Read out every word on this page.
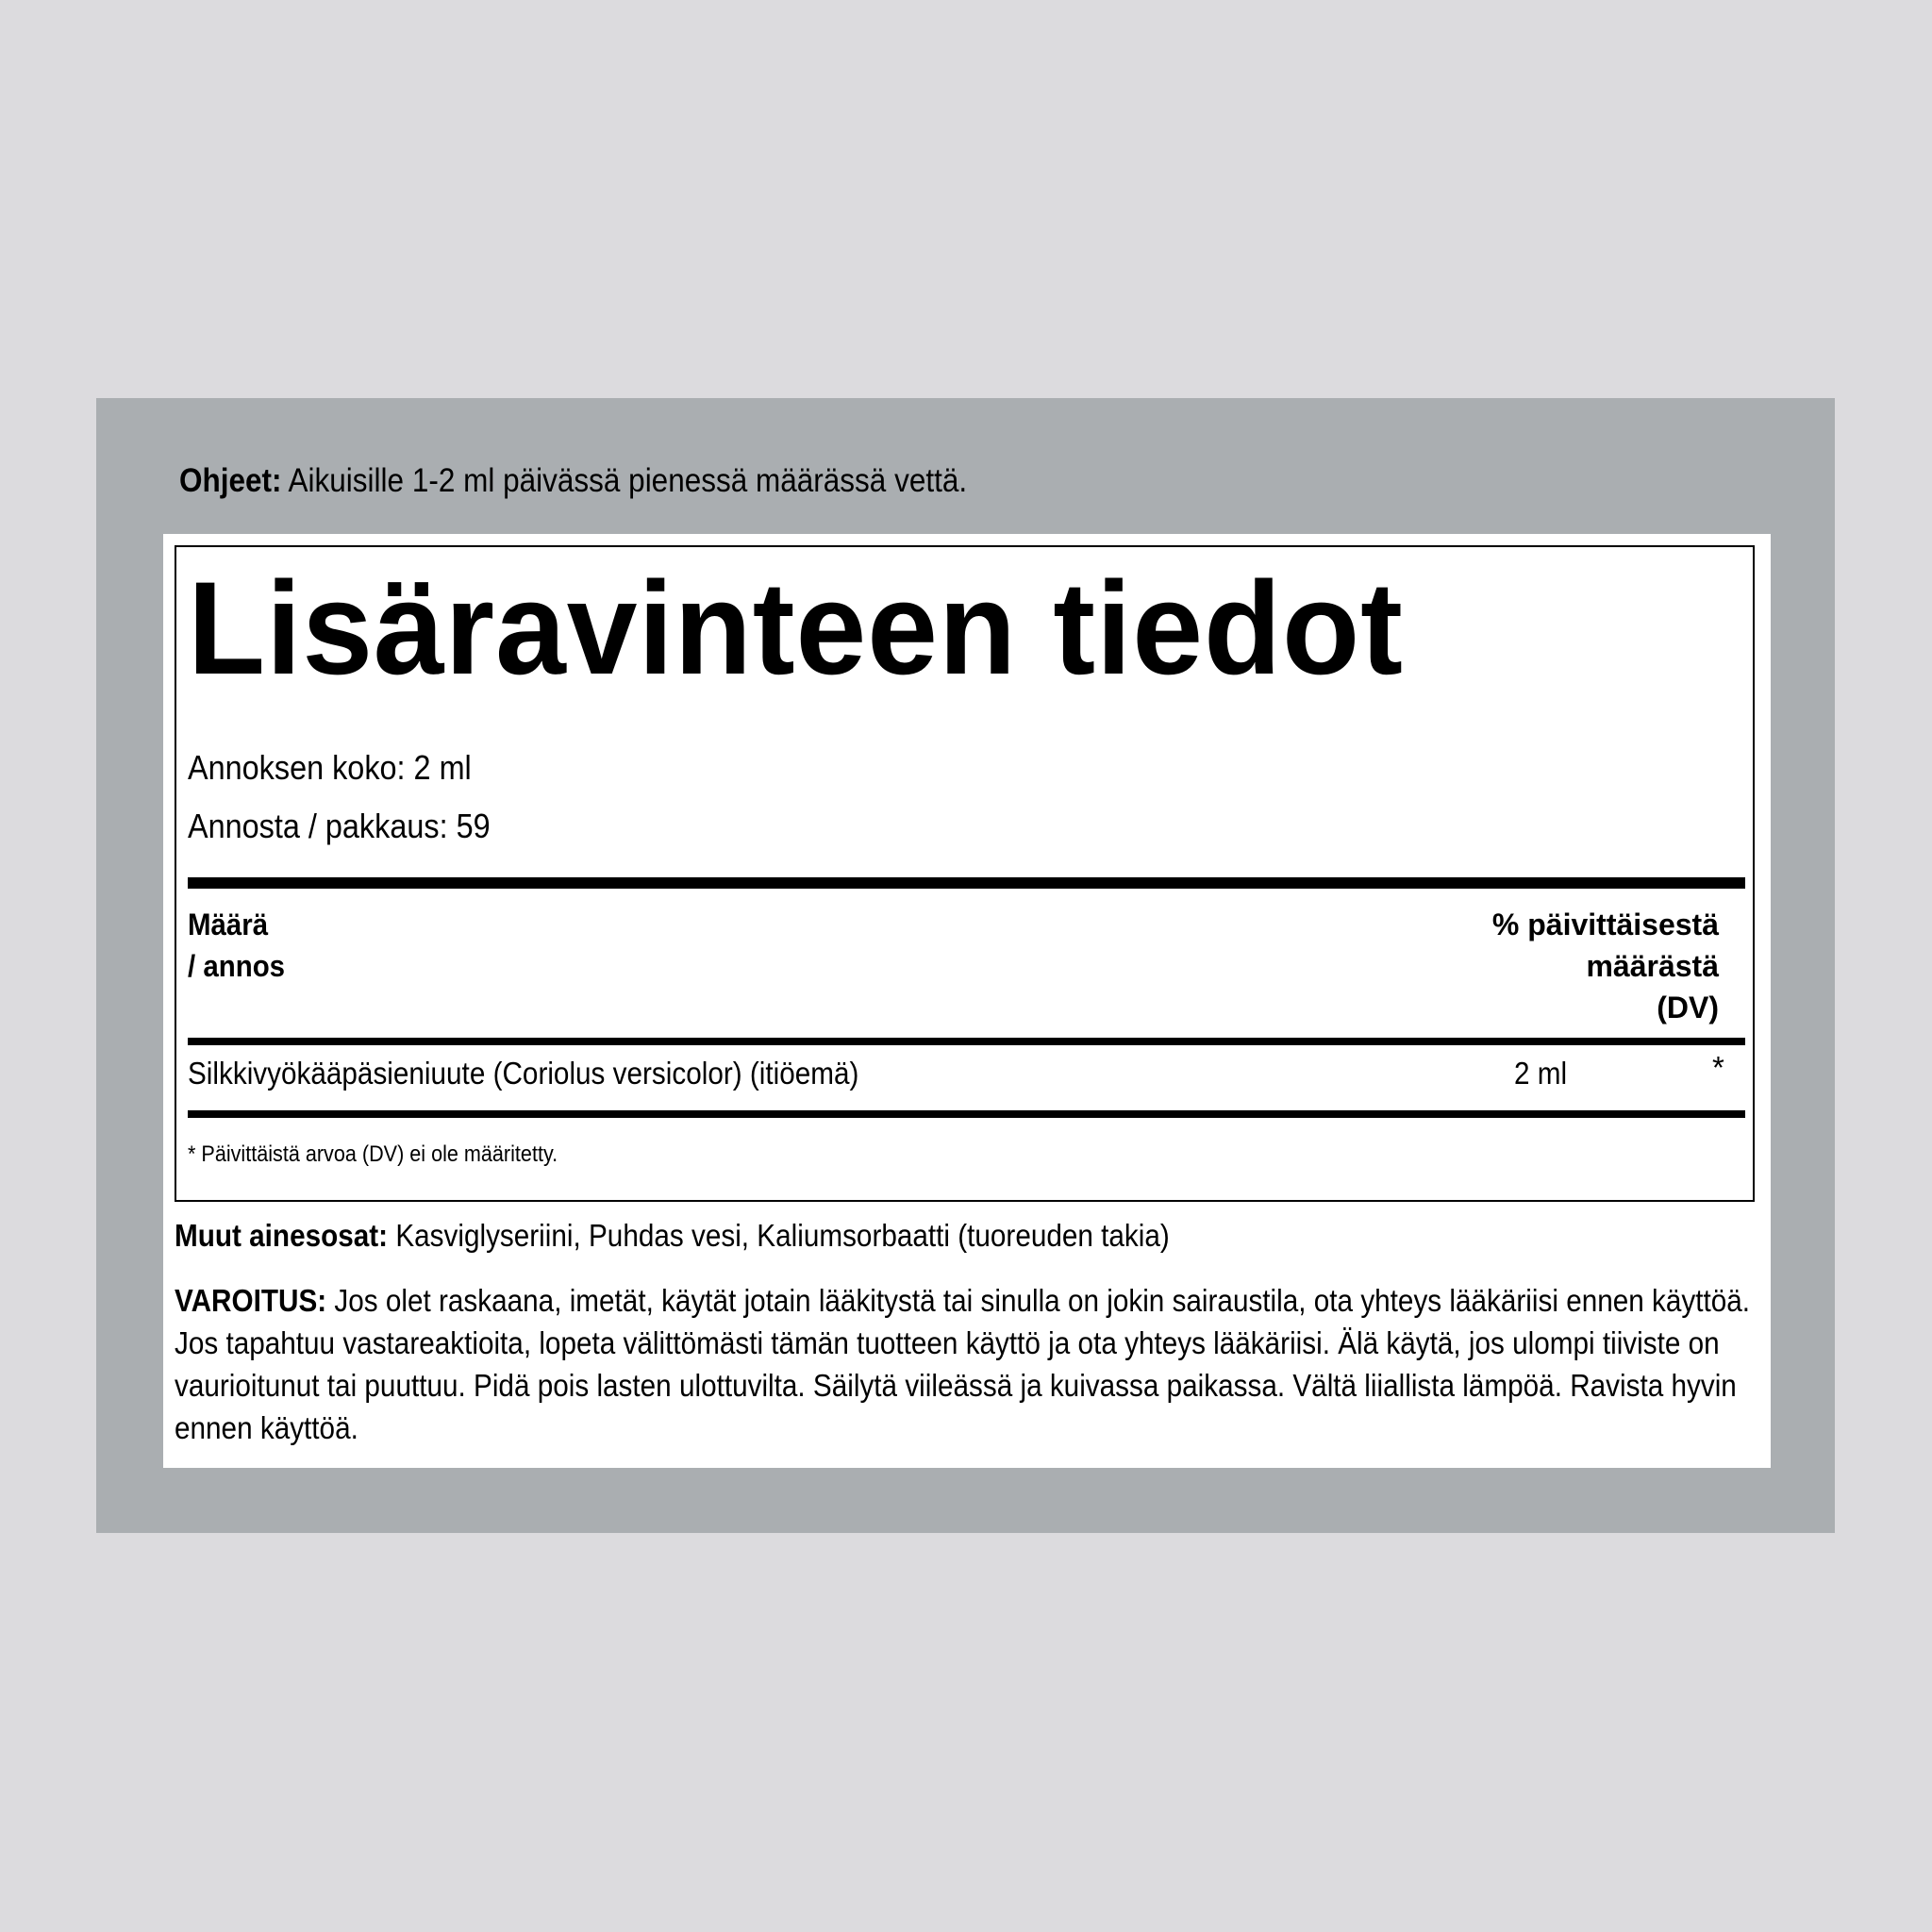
Ohjeet: Aikuisille 1-2 ml päivässä pienessä määrässä vettä.
Lisäravinteen tiedot
Annoksen koko: 2 ml
Annosta / pakkaus: 59
Määrä
/ annos
% päivittäisestä
määrästä
(DV)
Silkkivyökääpäsieniuute (Coriolus versicolor) (itiöemä)	2 ml	*
* Päivittäistä arvoa (DV) ei ole määritetty.
Muut ainesosat: Kasviglyseriini, Puhdas vesi, Kaliumsorbaatti (tuoreuden takia)
VAROITUS: Jos olet raskaana, imetät, käytät jotain lääkitystä tai sinulla on jokin sairaustila, ota yhteys lääkäriisi ennen käyttöä. Jos tapahtuu vastareaktioita, lopeta välittömästi tämän tuotteen käyttö ja ota yhteys lääkäriisi. Älä käytä, jos ulompi tiiviste on vaurioitunut tai puuttuu. Pidä pois lasten ulottuvilta. Säilytä viileässä ja kuivassa paikassa. Vältä liiallista lämpöä. Ravista hyvin ennen käyttöä.
